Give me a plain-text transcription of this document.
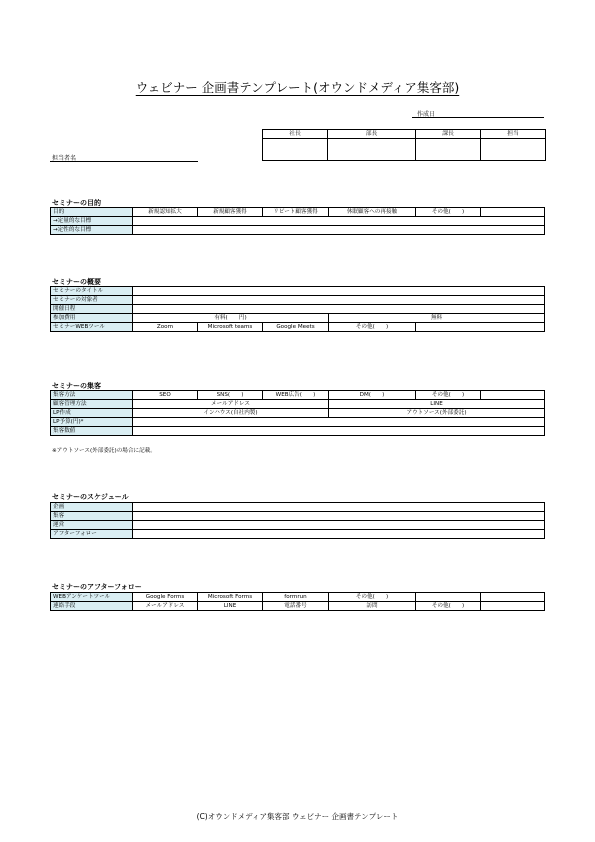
ウェビナー 企画書テンプレート(オウンドメディア集客部)
作成日
社長	部長	課長	担当

担当者名
セミナーの目的
目的	新規認知拡大	新規顧客獲得	リピート顧客獲得	休眠顧客への再接触	その他(　　)	
→定量的な目標						
→定性的な目標						
セミナーの概要
セミナーのタイトル					
セミナーの対象者					
開催日程					
参加費用	有料(　　円)			無料	
セミナーWEBツール	Zoom	Microsoft teams	Google Meets	その他(　　)	
セミナーの集客
集客方法	SEO	SNS(　　)	WEB広告(　　)	DM(　　)	その他(　　)	
顧客管理方法	メールアドレス			LINE		
LP作成	インハウス(自社内製)			アウトソース(外部委託)		
LP予算(円)*						
集客数値						
※アウトソース(外部委託)の場合に記載。
セミナーのスケジュール
企画	
集客	
運営	
アフターフォロー	
セミナーのアフターフォロー
WEBアンケートツール	Google Forms	Microsoft Forms	formrun	その他(　　)		
連絡手段	メールアドレス	LINE	電話番号	訪問	その他(　　)	
(C)オウンドメディア集客部 ウェビナー 企画書テンプレート
